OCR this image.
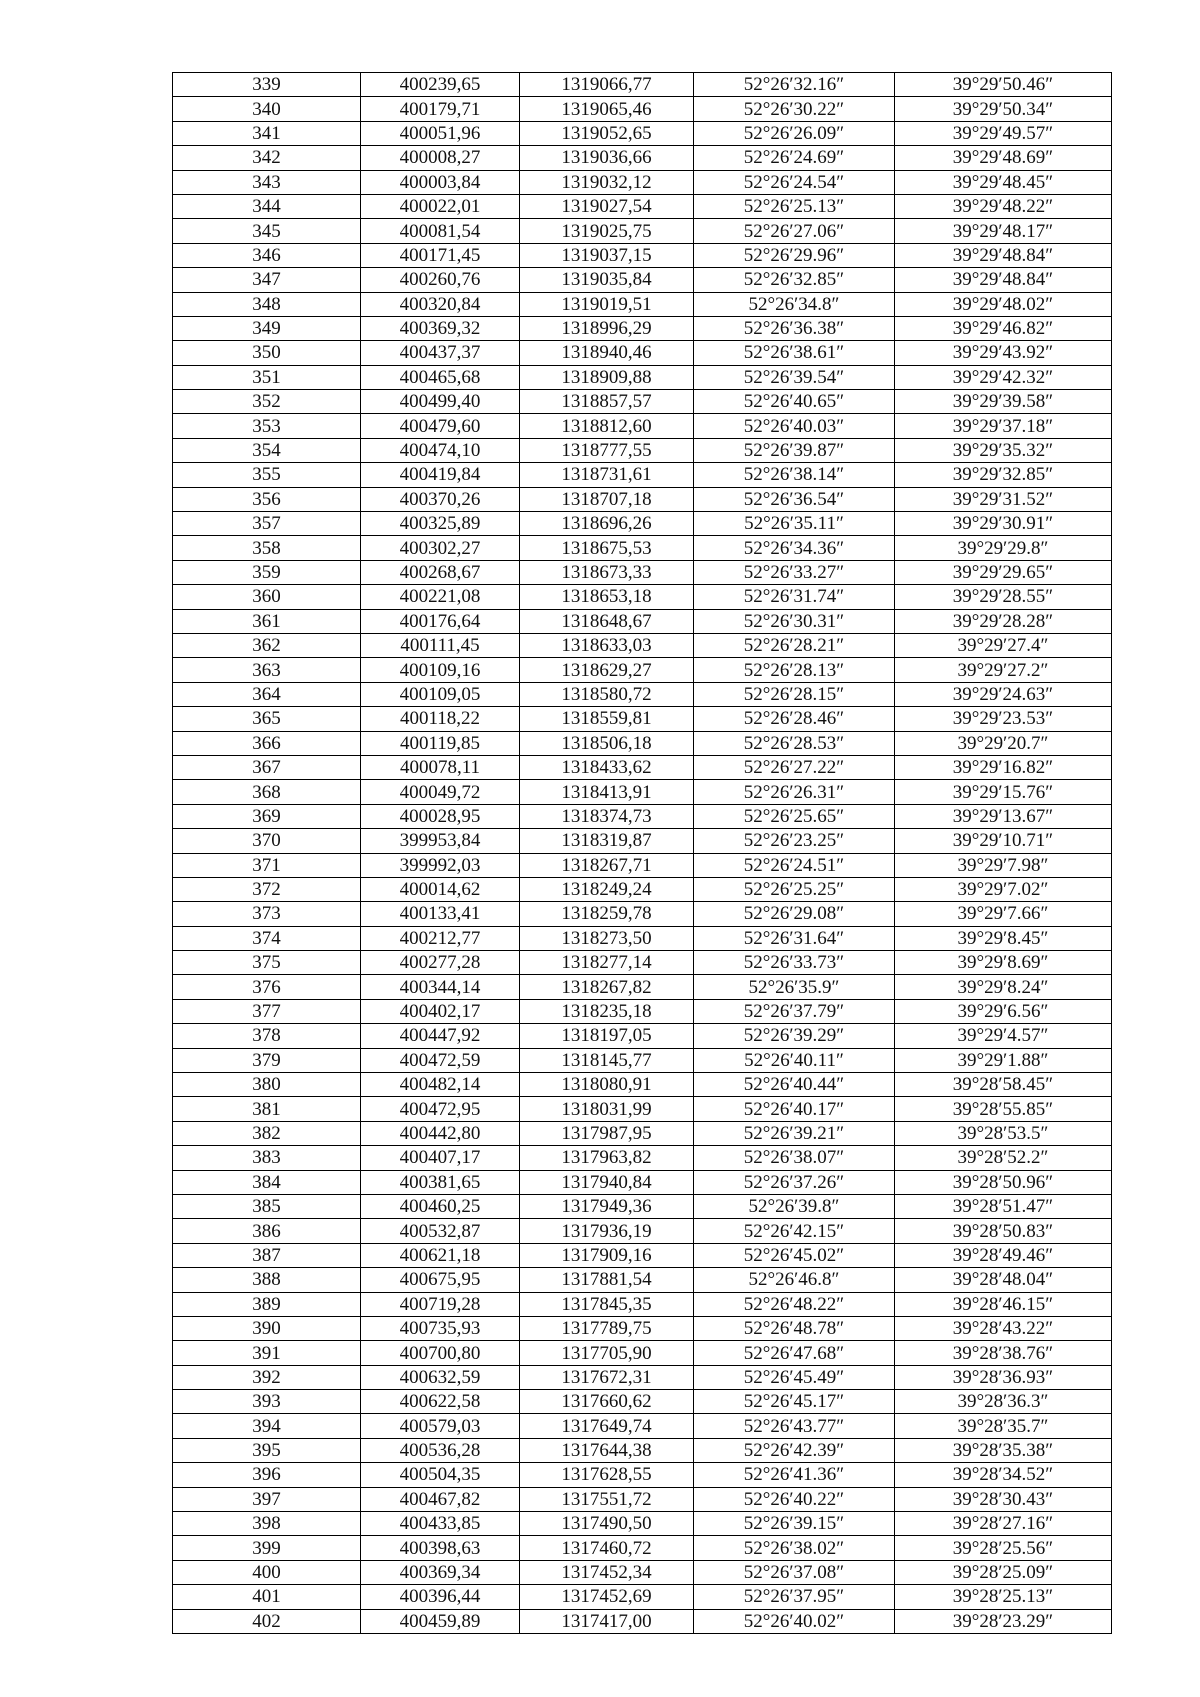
339	400239,65	1319066,77	52°26′32.16″	39°29′50.46″
340	400179,71	1319065,46	52°26′30.22″	39°29′50.34″
341	400051,96	1319052,65	52°26′26.09″	39°29′49.57″
342	400008,27	1319036,66	52°26′24.69″	39°29′48.69″
343	400003,84	1319032,12	52°26′24.54″	39°29′48.45″
344	400022,01	1319027,54	52°26′25.13″	39°29′48.22″
345	400081,54	1319025,75	52°26′27.06″	39°29′48.17″
346	400171,45	1319037,15	52°26′29.96″	39°29′48.84″
347	400260,76	1319035,84	52°26′32.85″	39°29′48.84″
348	400320,84	1319019,51	52°26′34.8″	39°29′48.02″
349	400369,32	1318996,29	52°26′36.38″	39°29′46.82″
350	400437,37	1318940,46	52°26′38.61″	39°29′43.92″
351	400465,68	1318909,88	52°26′39.54″	39°29′42.32″
352	400499,40	1318857,57	52°26′40.65″	39°29′39.58″
353	400479,60	1318812,60	52°26′40.03″	39°29′37.18″
354	400474,10	1318777,55	52°26′39.87″	39°29′35.32″
355	400419,84	1318731,61	52°26′38.14″	39°29′32.85″
356	400370,26	1318707,18	52°26′36.54″	39°29′31.52″
357	400325,89	1318696,26	52°26′35.11″	39°29′30.91″
358	400302,27	1318675,53	52°26′34.36″	39°29′29.8″
359	400268,67	1318673,33	52°26′33.27″	39°29′29.65″
360	400221,08	1318653,18	52°26′31.74″	39°29′28.55″
361	400176,64	1318648,67	52°26′30.31″	39°29′28.28″
362	400111,45	1318633,03	52°26′28.21″	39°29′27.4″
363	400109,16	1318629,27	52°26′28.13″	39°29′27.2″
364	400109,05	1318580,72	52°26′28.15″	39°29′24.63″
365	400118,22	1318559,81	52°26′28.46″	39°29′23.53″
366	400119,85	1318506,18	52°26′28.53″	39°29′20.7″
367	400078,11	1318433,62	52°26′27.22″	39°29′16.82″
368	400049,72	1318413,91	52°26′26.31″	39°29′15.76″
369	400028,95	1318374,73	52°26′25.65″	39°29′13.67″
370	399953,84	1318319,87	52°26′23.25″	39°29′10.71″
371	399992,03	1318267,71	52°26′24.51″	39°29′7.98″
372	400014,62	1318249,24	52°26′25.25″	39°29′7.02″
373	400133,41	1318259,78	52°26′29.08″	39°29′7.66″
374	400212,77	1318273,50	52°26′31.64″	39°29′8.45″
375	400277,28	1318277,14	52°26′33.73″	39°29′8.69″
376	400344,14	1318267,82	52°26′35.9″	39°29′8.24″
377	400402,17	1318235,18	52°26′37.79″	39°29′6.56″
378	400447,92	1318197,05	52°26′39.29″	39°29′4.57″
379	400472,59	1318145,77	52°26′40.11″	39°29′1.88″
380	400482,14	1318080,91	52°26′40.44″	39°28′58.45″
381	400472,95	1318031,99	52°26′40.17″	39°28′55.85″
382	400442,80	1317987,95	52°26′39.21″	39°28′53.5″
383	400407,17	1317963,82	52°26′38.07″	39°28′52.2″
384	400381,65	1317940,84	52°26′37.26″	39°28′50.96″
385	400460,25	1317949,36	52°26′39.8″	39°28′51.47″
386	400532,87	1317936,19	52°26′42.15″	39°28′50.83″
387	400621,18	1317909,16	52°26′45.02″	39°28′49.46″
388	400675,95	1317881,54	52°26′46.8″	39°28′48.04″
389	400719,28	1317845,35	52°26′48.22″	39°28′46.15″
390	400735,93	1317789,75	52°26′48.78″	39°28′43.22″
391	400700,80	1317705,90	52°26′47.68″	39°28′38.76″
392	400632,59	1317672,31	52°26′45.49″	39°28′36.93″
393	400622,58	1317660,62	52°26′45.17″	39°28′36.3″
394	400579,03	1317649,74	52°26′43.77″	39°28′35.7″
395	400536,28	1317644,38	52°26′42.39″	39°28′35.38″
396	400504,35	1317628,55	52°26′41.36″	39°28′34.52″
397	400467,82	1317551,72	52°26′40.22″	39°28′30.43″
398	400433,85	1317490,50	52°26′39.15″	39°28′27.16″
399	400398,63	1317460,72	52°26′38.02″	39°28′25.56″
400	400369,34	1317452,34	52°26′37.08″	39°28′25.09″
401	400396,44	1317452,69	52°26′37.95″	39°28′25.13″
402	400459,89	1317417,00	52°26′40.02″	39°28′23.29″
